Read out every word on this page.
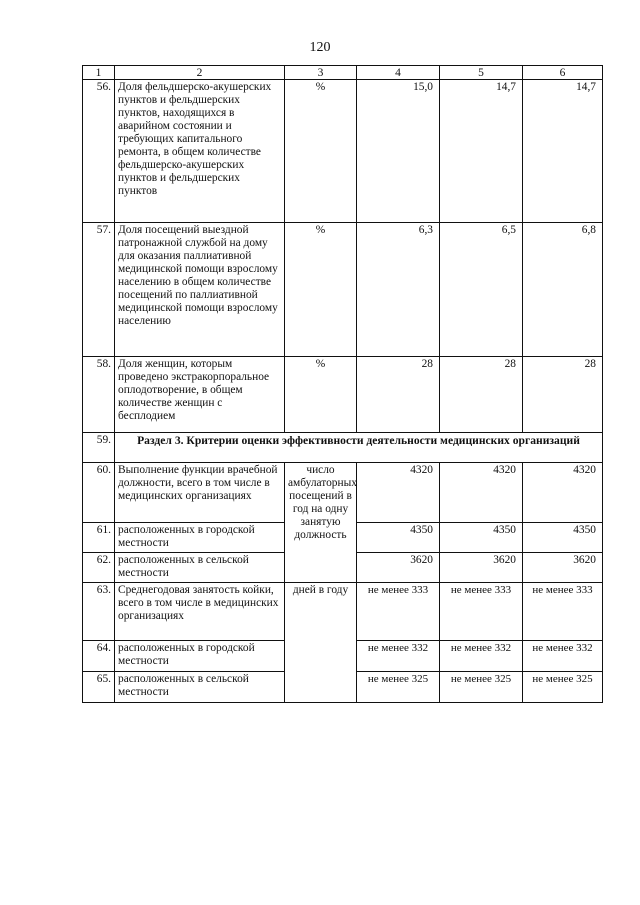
120
1	2	3	4	5	6
56.	Доля фельдшерско-акушерских пунктов и фельдшерских пунктов, находящихся в аварийном состоянии и требующих капитального ремонта, в общем количестве фельдшерско-акушерских пунктов и фельдшерских пунктов	%	15,0	14,7	14,7
57.	Доля посещений выездной патронажной службой на дому для оказания паллиативной медицинской помощи взрослому населению в общем количестве посещений по паллиативной медицинской помощи взрослому населению	%	6,3	6,5	6,8
58.	Доля женщин, которым проведено экстракорпоральное оплодотворение, в общем количестве женщин с бесплодием	%	28	28	28
59.	Раздел 3. Критерии оценки эффективности деятельности медицинских организаций				
60.	Выполнение функции врачебной должности, всего в том числе в медицинских организациях	число амбулаторных посещений в год на одну занятую должность	4320	4320	4320
61.	расположенных в городской местности		4350	4350	4350
62.	расположенных в сельской местности		3620	3620	3620
63.	Среднегодовая занятость койки, всего в том числе в медицинских организациях	дней в году	не менее 333	не менее 333	не менее 333
64.	расположенных в городской местности		не менее 332	не менее 332	не менее 332
65.	расположенных в сельской местности		не менее 325	не менее 325	не менее 325
